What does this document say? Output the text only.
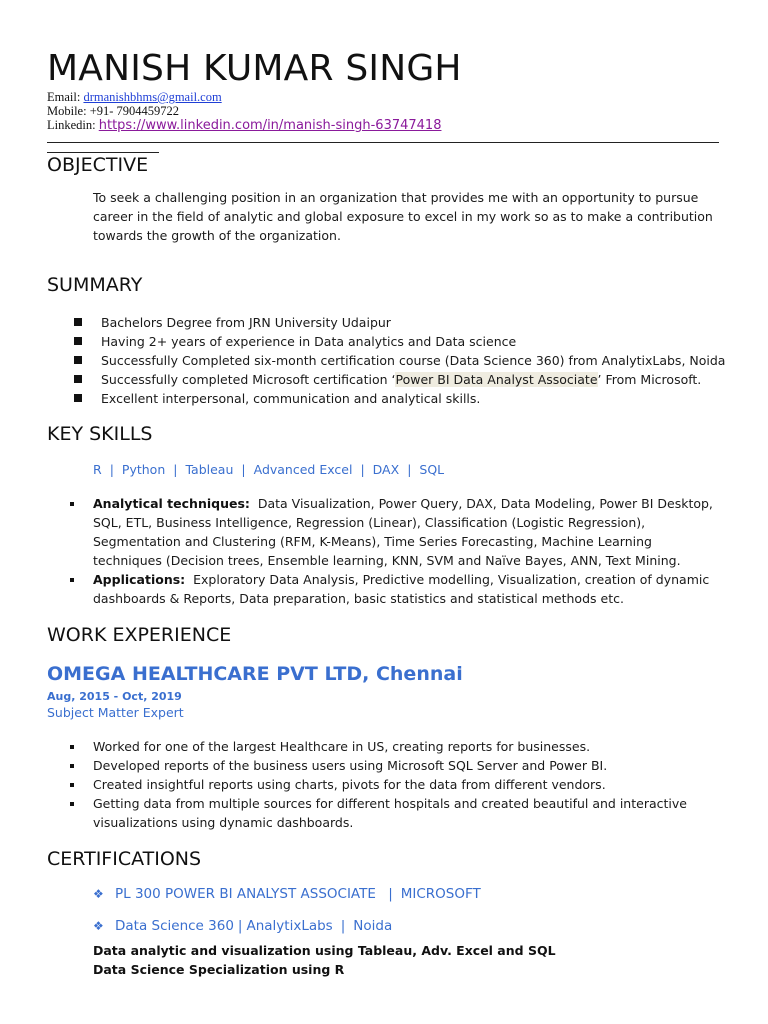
MANISH KUMAR SINGH
Email: drmanishbhms@gmail.com
Mobile: +91- 7904459722
Linkedin: https://www.linkedin.com/in/manish-singh-63747418
OBJECTIVE
To seek a challenging position in an organization that provides me with an opportunity to pursue career in the field of analytic and global exposure to excel in my work so as to make a contribution towards the growth of the organization.
SUMMARY
Bachelors Degree from JRN University Udaipur
Having 2+ years of experience in Data analytics and Data science
Successfully Completed six-month certification course (Data Science 360) from AnalytixLabs, Noida
Successfully completed Microsoft certification ‘Power BI Data Analyst Associate’ From Microsoft.
Excellent interpersonal, communication and analytical skills.
KEY SKILLS
R | Python | Tableau | Advanced Excel | DAX | SQL
Analytical techniques: Data Visualization, Power Query, DAX, Data Modeling, Power BI Desktop, SQL, ETL, Business Intelligence, Regression (Linear), Classification (Logistic Regression), Segmentation and Clustering (RFM, K-Means), Time Series Forecasting, Machine Learning techniques (Decision trees, Ensemble learning, KNN, SVM and Naïve Bayes, ANN, Text Mining.
Applications: Exploratory Data Analysis, Predictive modelling, Visualization, creation of dynamic dashboards & Reports, Data preparation, basic statistics and statistical methods etc.
WORK EXPERIENCE
OMEGA HEALTHCARE PVT LTD, Chennai
Aug, 2015 - Oct, 2019
Subject Matter Expert
Worked for one of the largest Healthcare in US, creating reports for businesses.
Developed reports of the business users using Microsoft SQL Server and Power BI.
Created insightful reports using charts, pivots for the data from different vendors.
Getting data from multiple sources for different hospitals and created beautiful and interactive visualizations using dynamic dashboards.
CERTIFICATIONS
❖ PL 300 POWER BI ANALYST ASSOCIATE | MICROSOFT
❖ Data Science 360 | AnalytixLabs | Noida
Data analytic and visualization using Tableau, Adv. Excel and SQL
Data Science Specialization using R
